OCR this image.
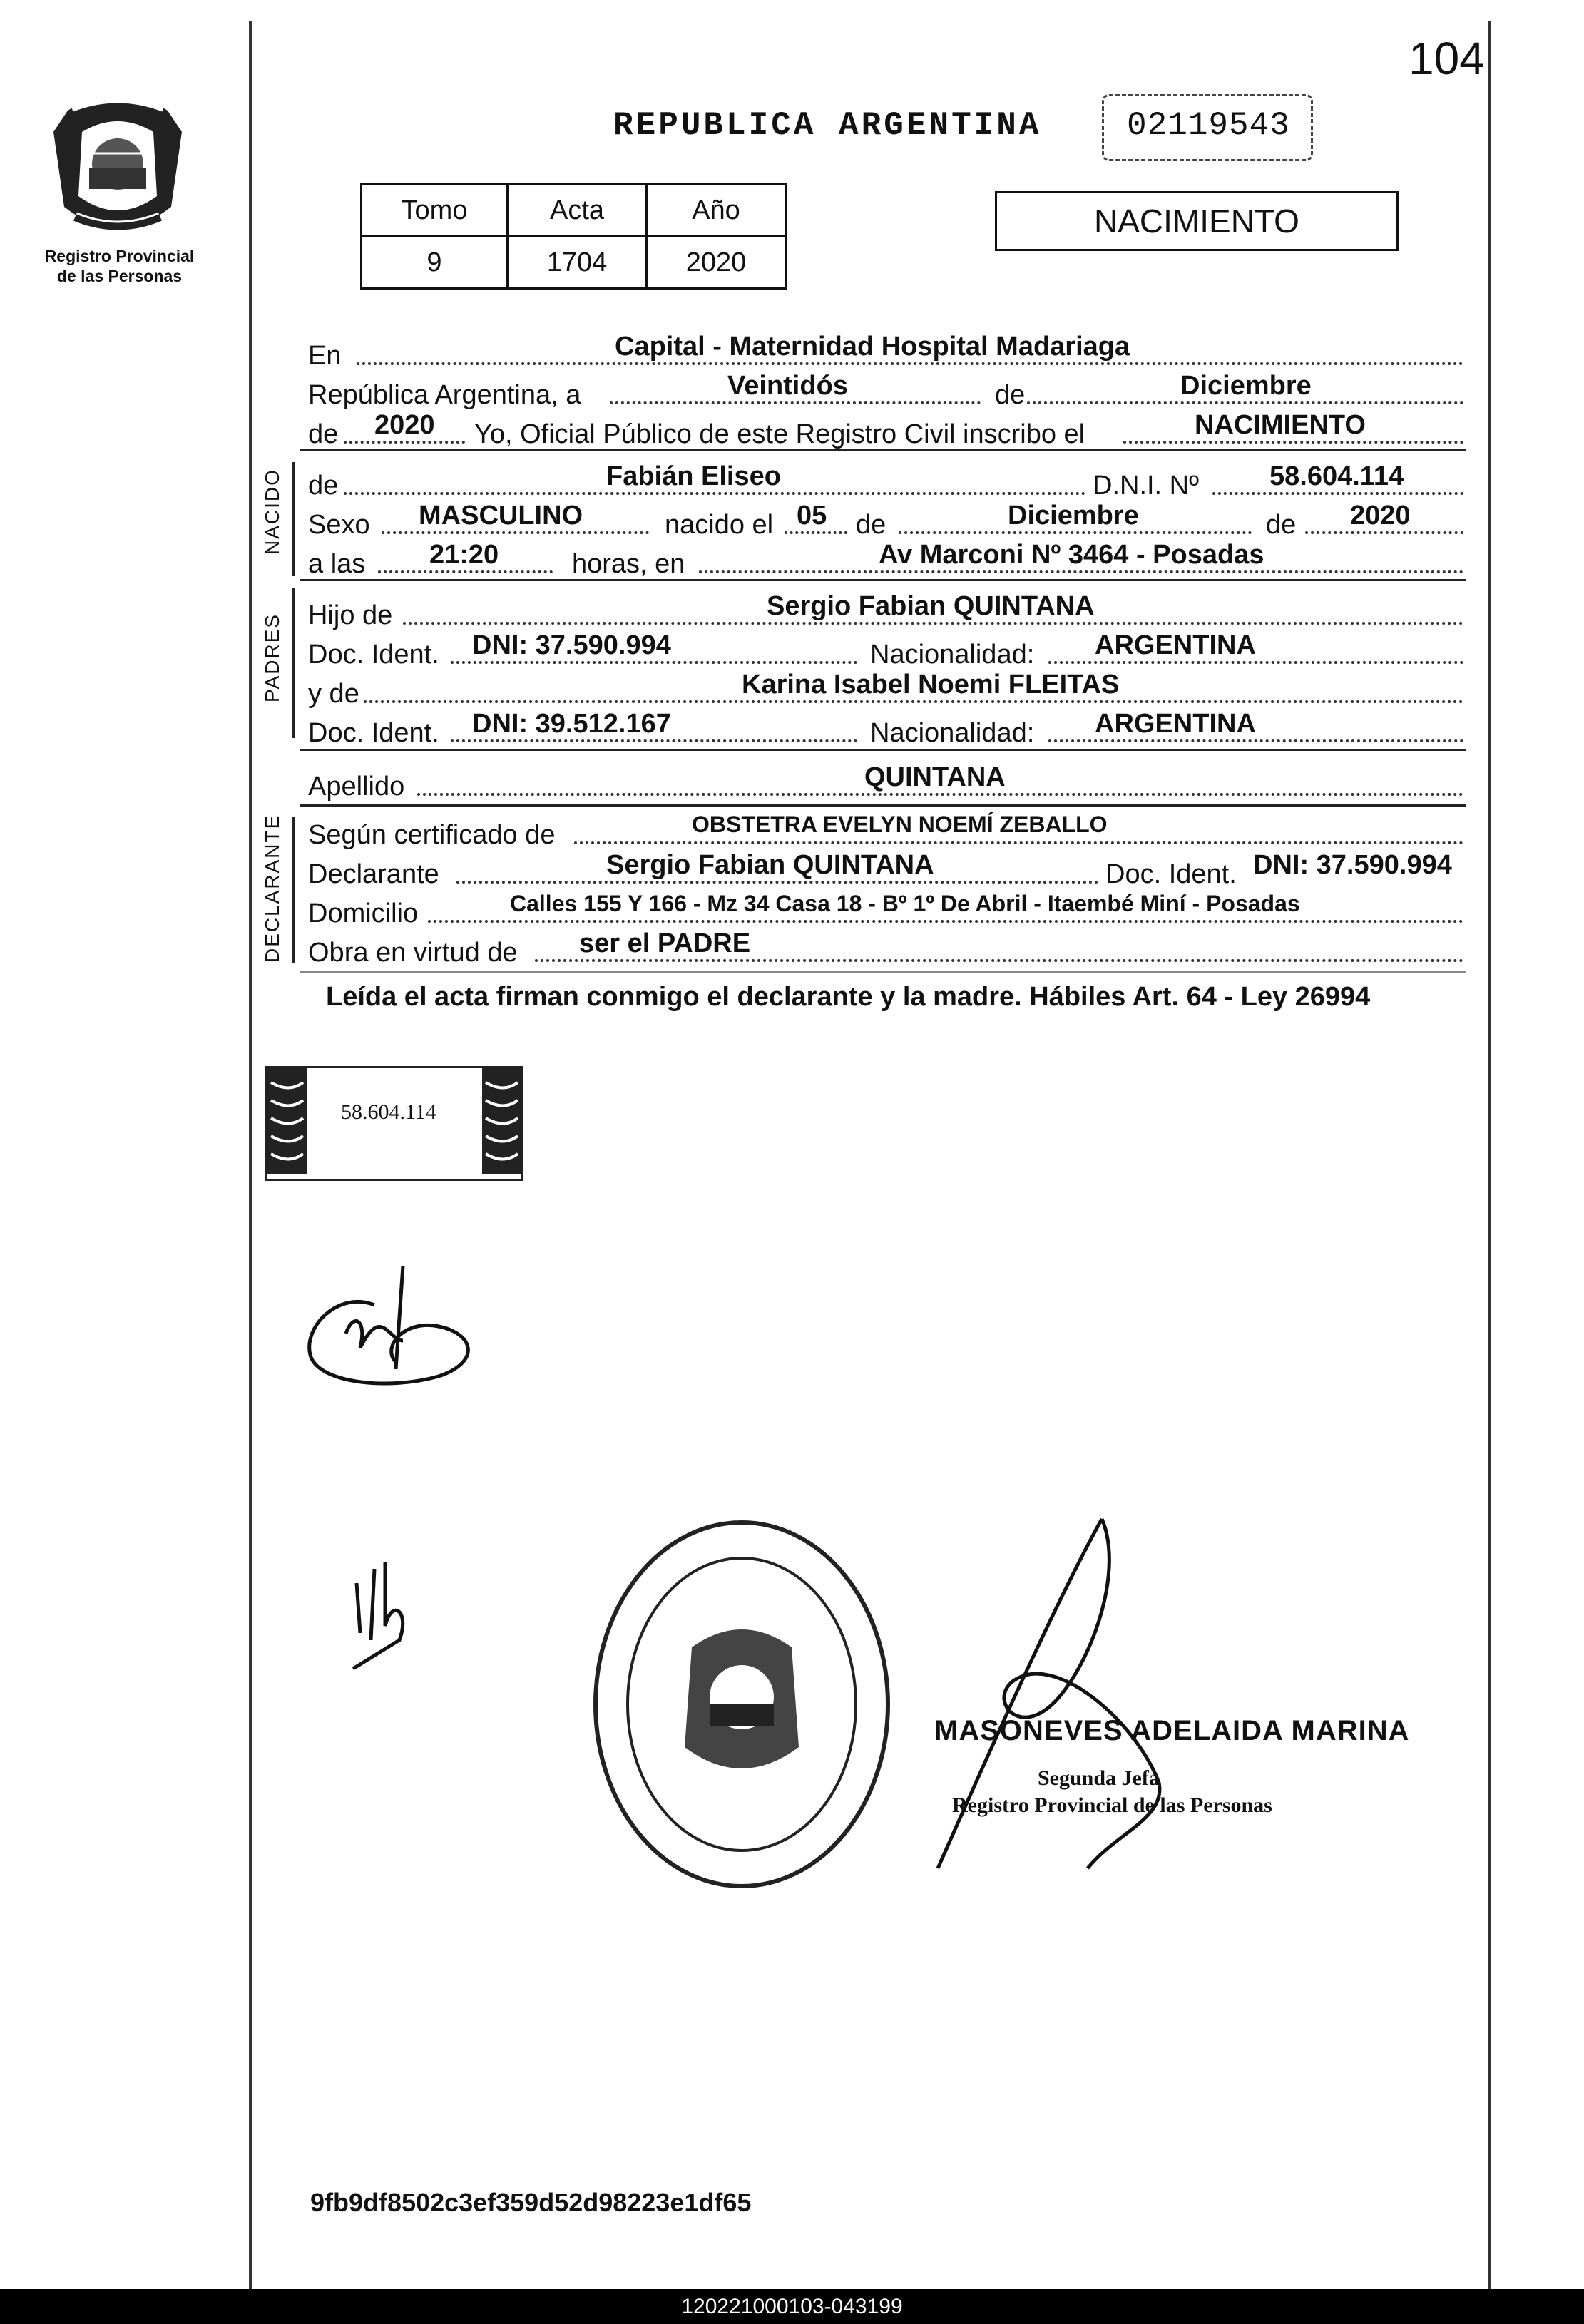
104
Registro Provincial
de las Personas
REPUBLICA ARGENTINA	02119543
Tomo	Acta	Año
9	1704	2020
NACIMIENTO
En	Capital - Maternidad Hospital Madariaga
República Argentina, a	Veintidós	de	Diciembre
de 2020 Yo, Oficial Público de este Registro Civil inscribo el	NACIMIENTO
NACIDO de	Fabián Eliseo	D.N.I. Nº	58.604.114
Sexo MASCULINO	nacido el 05 de	Diciembre	de 2020
a las 21:20	horas, en	Av Marconi Nº 3464 - Posadas
PADRES Hijo de	Sergio Fabian QUINTANA
Doc. Ident. DNI: 37.590.994	Nacionalidad: ARGENTINA
y de	Karina Isabel Noemi FLEITAS
Doc. Ident. DNI: 39.512.167	Nacionalidad: ARGENTINA
Apellido	QUINTANA
DECLARANTE Según certificado de	OBSTETRA EVELYN NOEMÍ ZEBALLO
Declarante	Sergio Fabian QUINTANA	Doc. Ident. DNI: 37.590.994
Domicilio	Calles 155 Y 166 - Mz 34 Casa 18 - Bº 1º De Abril - Itaembé Miní - Posadas
Obra en virtud de ser el PADRE
Leída el acta firman conmigo el declarante y la madre. Hábiles Art. 64 - Ley 26994
58.604.114
MASONEVES ADELAIDA MARINA
Segunda Jefa
Registro Provincial de las Personas
9fb9df8502c3ef359d52d98223e1df65
120221000103-043199
